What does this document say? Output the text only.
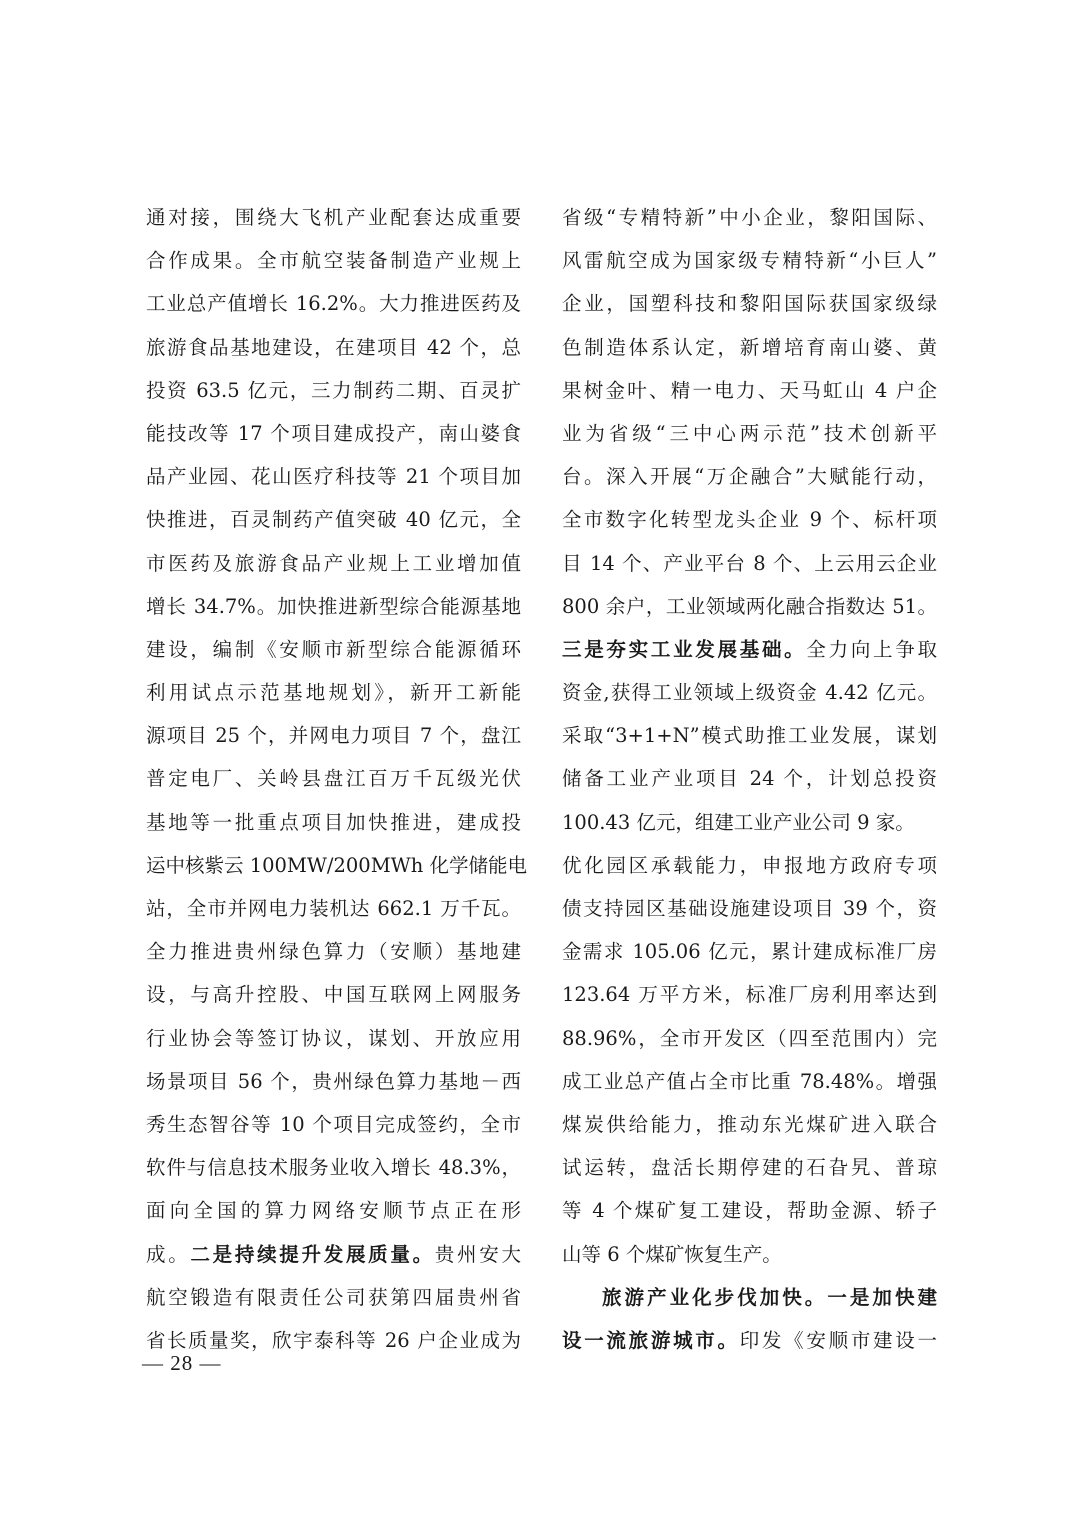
通对接，围绕大飞机产业配套达成重要
合作成果。全市航空装备制造产业规上
工业总产值增长 16.2%。大力推进医药及
旅游食品基地建设，在建项目 42 个，总
投资 63.5 亿元，三力制药二期、百灵扩
能技改等 17 个项目建成投产，南山婆食
品产业园、花山医疗科技等 21 个项目加
快推进，百灵制药产值突破 40 亿元，全
市医药及旅游食品产业规上工业增加值
增长 34.7%。加快推进新型综合能源基地
建设，编制《安顺市新型综合能源循环
利用试点示范基地规划》，新开工新能
源项目 25 个，并网电力项目 7 个，盘江
普定电厂、关岭县盘江百万千瓦级光伏
基地等一批重点项目加快推进，建成投
运中核紫云 100MW/200MWh 化学储能电
站，全市并网电力装机达 662.1 万千瓦。
全力推进贵州绿色算力（安顺）基地建
设，与高升控股、中国互联网上网服务
行业协会等签订协议，谋划、开放应用
场景项目 56 个，贵州绿色算力基地－西
秀生态智谷等 10 个项目完成签约，全市
软件与信息技术服务业收入增长 48.3%，
面向全国的算力网络安顺节点正在形
成。二是持续提升发展质量。贵州安大
航空锻造有限责任公司获第四届贵州省
省长质量奖，欣宇泰科等 26 户企业成为
省级“专精特新”中小企业，黎阳国际、
风雷航空成为国家级专精特新“小巨人”
企业，国塑科技和黎阳国际获国家级绿
色制造体系认定，新增培育南山婆、黄
果树金叶、精一电力、天马虹山 4 户企
业为省级“三中心两示范”技术创新平
台。深入开展“万企融合”大赋能行动，
全市数字化转型龙头企业 9 个、标杆项
目 14 个、产业平台 8 个、上云用云企业
800 余户，工业领域两化融合指数达 51。
三是夯实工业发展基础。全力向上争取
资金,获得工业领域上级资金 4.42 亿元。
采取“3+1+N”模式助推工业发展，谋划
储备工业产业项目 24 个，计划总投资
100.43 亿元，组建工业产业公司 9 家。
优化园区承载能力，申报地方政府专项
债支持园区基础设施建设项目 39 个，资
金需求 105.06 亿元，累计建成标准厂房
123.64 万平方米，标准厂房利用率达到
88.96%，全市开发区（四至范围内）完
成工业总产值占全市比重 78.48%。增强
煤炭供给能力，推动东光煤矿进入联合
试运转，盘活长期停建的石旮旯、普琼
等 4 个煤矿复工建设，帮助金源、轿子
山等 6 个煤矿恢复生产。
旅游产业化步伐加快。一是加快建
设一流旅游城市。印发《安顺市建设一
— 28 —
